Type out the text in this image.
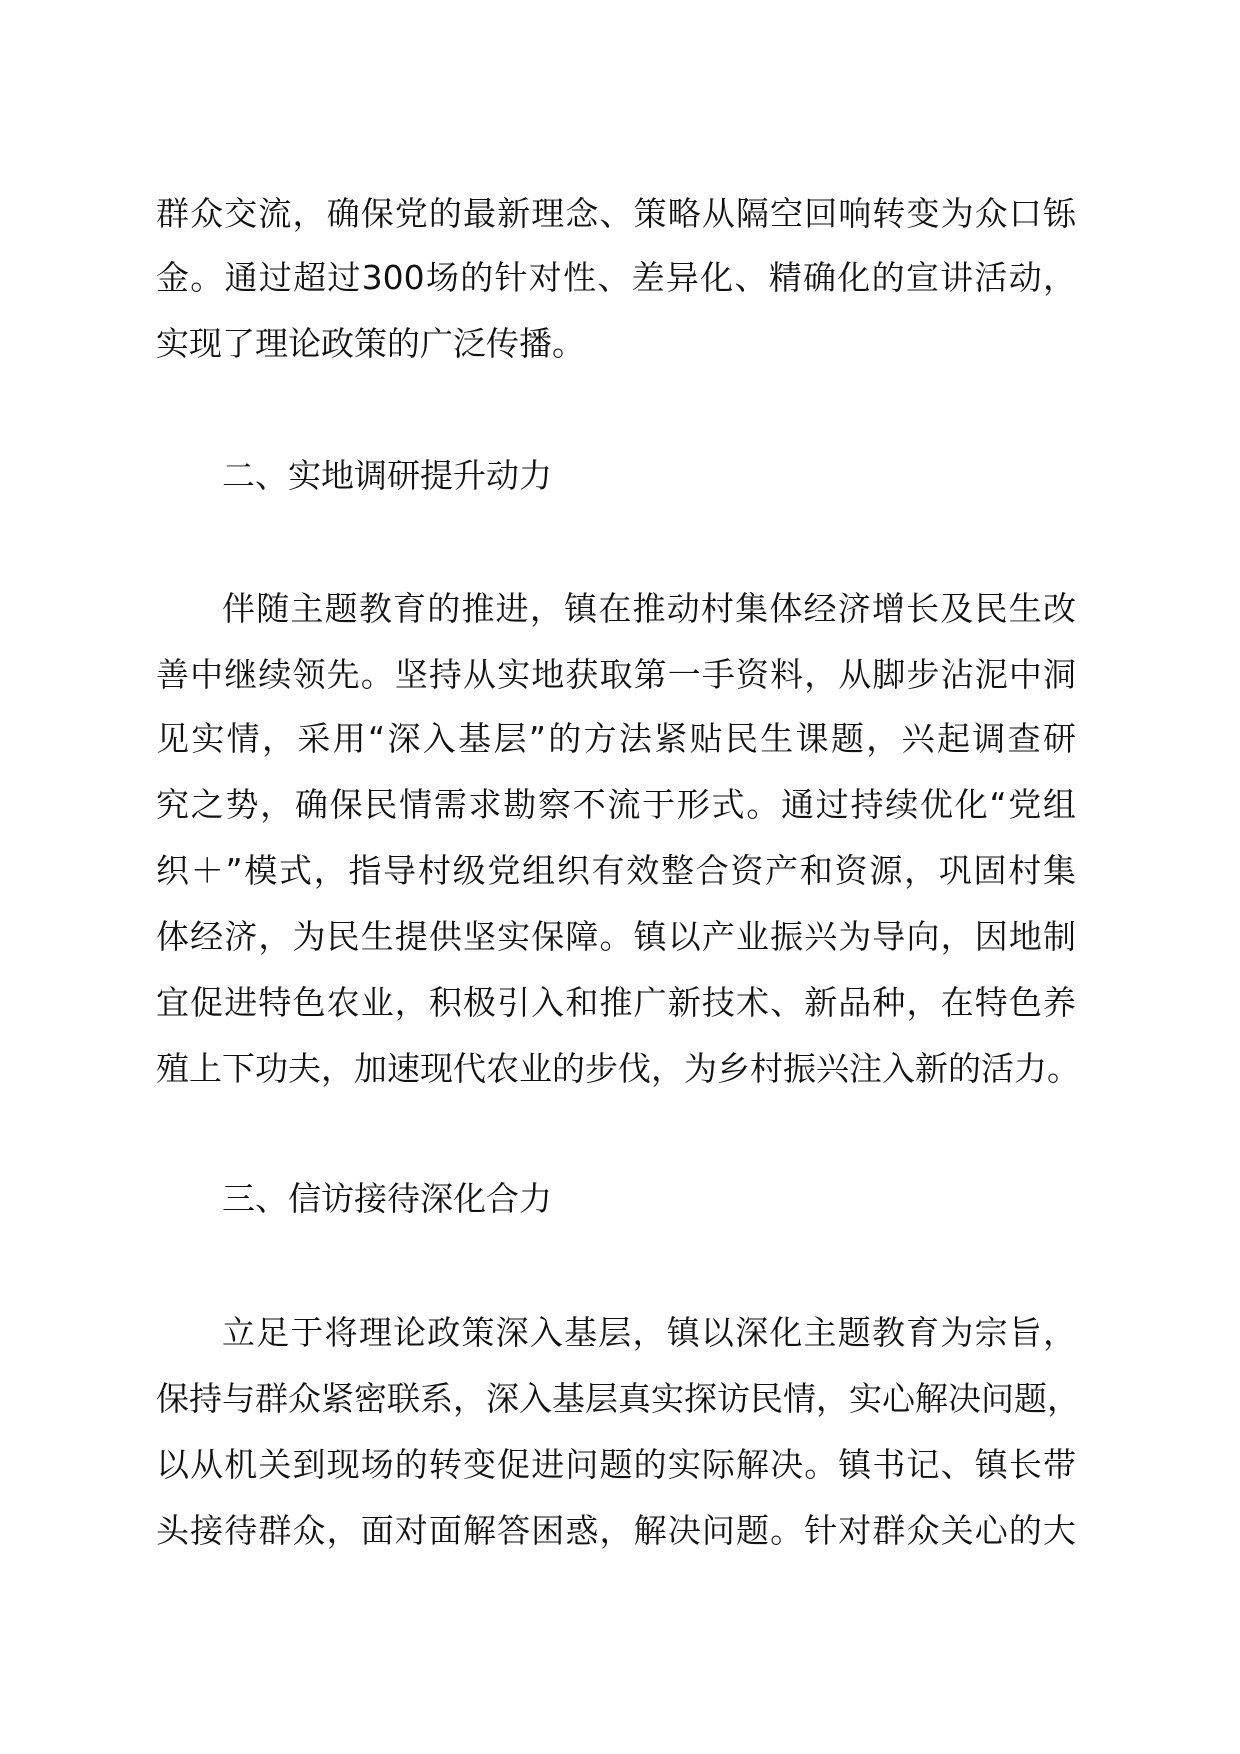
群众交流，确保党的最新理念、策略从隔空回响转变为众口铄
金。通过超过300场的针对性、差异化、精确化的宣讲活动，
实现了理论政策的广泛传播。
二、实地调研提升动力
伴随主题教育的推进，镇在推动村集体经济增长及民生改
善中继续领先。坚持从实地获取第一手资料，从脚步沾泥中洞
见实情，采用“深入基层”的方法紧贴民生课题，兴起调查研
究之势，确保民情需求勘察不流于形式。通过持续优化“党组
织＋”模式，指导村级党组织有效整合资产和资源，巩固村集
体经济，为民生提供坚实保障。镇以产业振兴为导向，因地制
宜促进特色农业，积极引入和推广新技术、新品种，在特色养
殖上下功夫，加速现代农业的步伐，为乡村振兴注入新的活力。
三、信访接待深化合力
立足于将理论政策深入基层，镇以深化主题教育为宗旨，
保持与群众紧密联系，深入基层真实探访民情，实心解决问题，
以从机关到现场的转变促进问题的实际解决。镇书记、镇长带
头接待群众，面对面解答困惑，解决问题。针对群众关心的大
